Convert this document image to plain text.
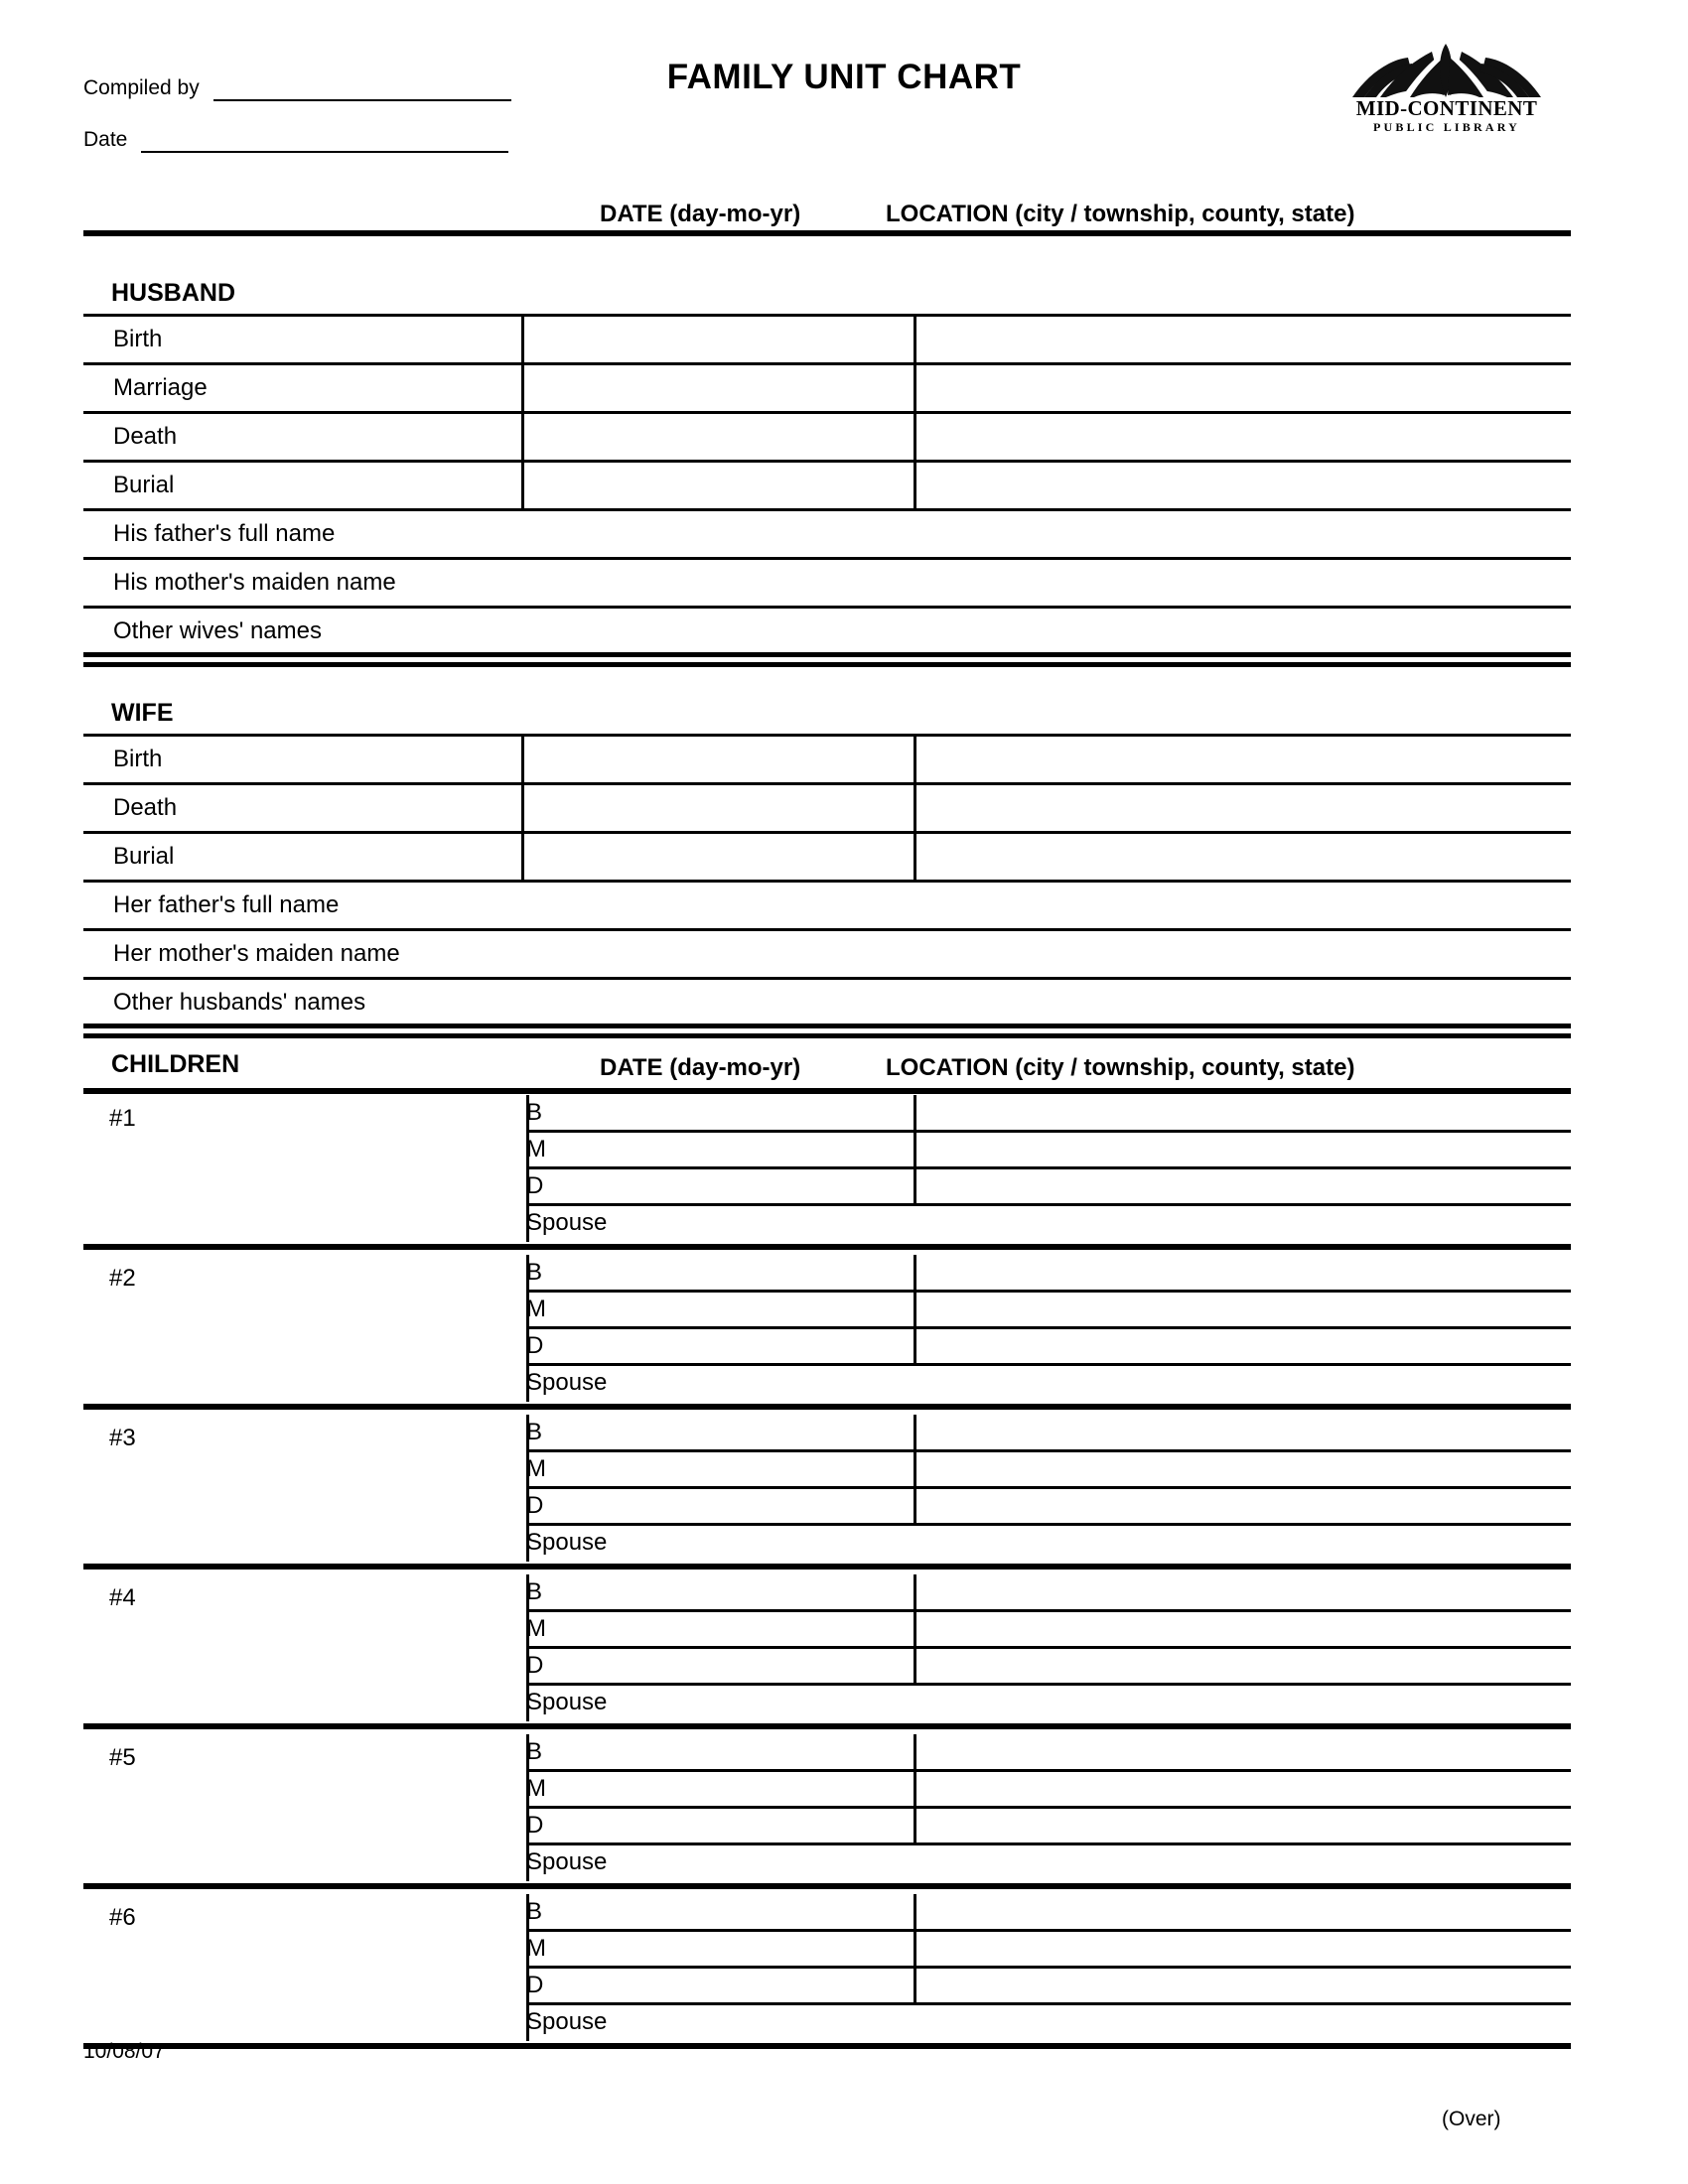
Compiled by
Date
FAMILY UNIT CHART
MID-CONTINENT
PUBLIC LIBRARY
DATE (day-mo-yr)	LOCATION (city / township, county, state)
HUSBAND
Birth
Marriage
Death
Burial
His father's full name
His mother's maiden name
Other wives' names
WIFE
Birth
Death
Burial
Her father's full name
Her mother's maiden name
Other husbands' names
CHILDREN	DATE (day-mo-yr)	LOCATION (city / township, county, state)
#1	B
M
D
Spouse
#2	B
M
D
Spouse
#3	B
M
D
Spouse
#4	B
M
D
Spouse
#5	B
M
D
Spouse
#6	B
M
D
Spouse
10/08/07
(Over)
